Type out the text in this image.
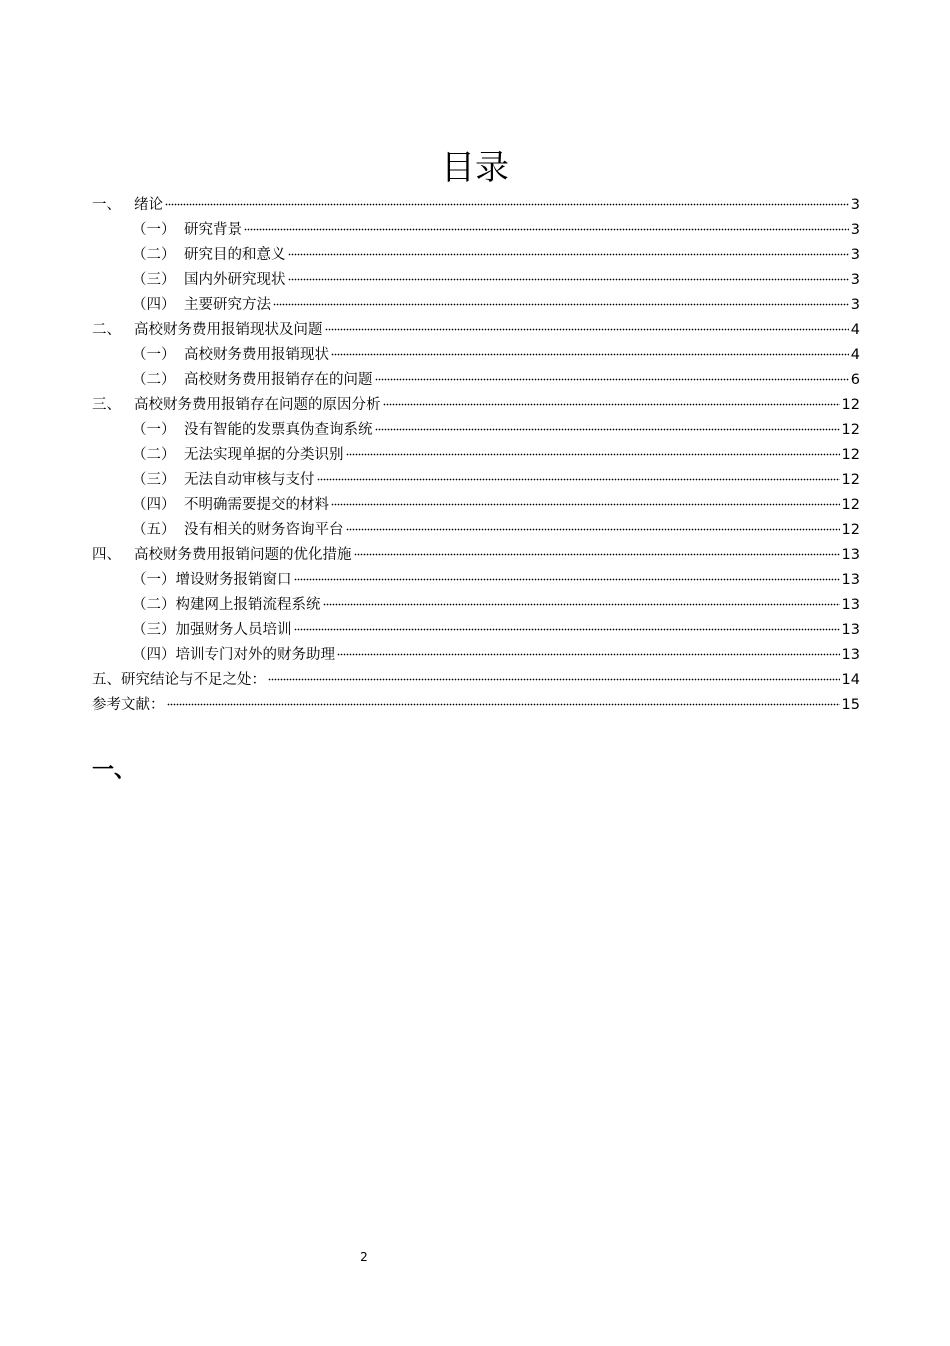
目录
一、 绪论	3
（一） 研究背景	3
（二） 研究目的和意义	3
（三） 国内外研究现状	3
（四） 主要研究方法	3
二、 高校财务费用报销现状及问题	4
（一） 高校财务费用报销现状	4
（二） 高校财务费用报销存在的问题	6
三、 高校财务费用报销存在问题的原因分析	12
（一） 没有智能的发票真伪查询系统	12
（二） 无法实现单据的分类识别	12
（三） 无法自动审核与支付	12
（四） 不明确需要提交的材料	12
（五） 没有相关的财务咨询平台	12
四、 高校财务费用报销问题的优化措施	13
（一） 增设财务报销窗口	13
（二） 构建网上报销流程系统	13
（三） 加强财务人员培训	13
（四） 培训专门对外的财务助理	13
五、 研究结论与不足之处：	14
参考文献：	15
一、
2
